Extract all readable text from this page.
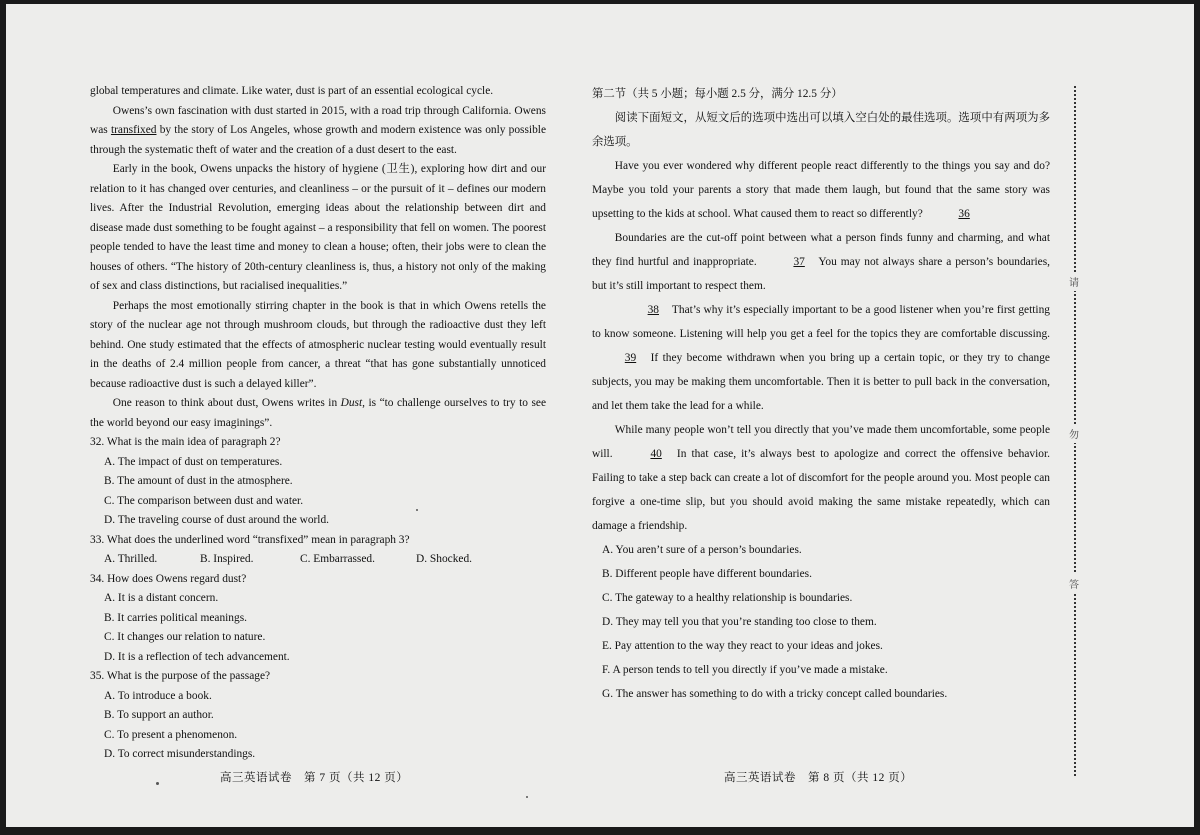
global temperatures and climate. Like water, dust is part of an essential ecological cycle.

Owens’s own fascination with dust started in 2015, with a road trip through California. Owens was transfixed by the story of Los Angeles, whose growth and modern existence was only possible through the systematic theft of water and the creation of a dust desert to the east.

Early in the book, Owens unpacks the history of hygiene (卫生), exploring how dirt and our relation to it has changed over centuries, and cleanliness – or the pursuit of it – defines our modern lives. After the Industrial Revolution, emerging ideas about the relationship between dirt and disease made dust something to be fought against – a responsibility that fell on women. The poorest people tended to have the least time and money to clean a house; often, their jobs were to clean the houses of others. “The history of 20th-century cleanliness is, thus, a history not only of the making of sex and class distinctions, but racialised inequalities.”

Perhaps the most emotionally stirring chapter in the book is that in which Owens retells the story of the nuclear age not through mushroom clouds, but through the radioactive dust they left behind. One study estimated that the effects of atmospheric nuclear testing would eventually result in the deaths of 2.4 million people from cancer, a threat “that has gone substantially unnoticed because radioactive dust is such a delayed killer”.

One reason to think about dust, Owens writes in Dust, is “to challenge ourselves to try to see the world beyond our easy imaginings”.

32. What is the main idea of paragraph 2?
A. The impact of dust on temperatures.
B. The amount of dust in the atmosphere.
C. The comparison between dust and water.
D. The traveling course of dust around the world.
33. What does the underlined word “transfixed” mean in paragraph 3?
A. Thrilled.	B. Inspired.	C. Embarrassed.	D. Shocked.
34. How does Owens regard dust?
A. It is a distant concern.
B. It carries political meanings.
C. It changes our relation to nature.
D. It is a reflection of tech advancement.
35. What is the purpose of the passage?
A. To introduce a book.
B. To support an author.
C. To present a phenomenon.
D. To correct misunderstandings.
高三英语试卷　第 7 页（共 12 页）

第二节（共 5 小题；每小题 2.5 分，满分 12.5 分）

阅读下面短文，从短文后的选项中选出可以填入空白处的最佳选项。选项中有两项为多余选项。

Have you ever wondered why different people react differently to the things you say and do? Maybe you told your parents a story that made them laugh, but found that the same story was upsetting to the kids at school. What caused them to react so differently?	36

Boundaries are the cut-off point between what a person finds funny and charming, and what they find hurtful and inappropriate.	37 You may not always share a person’s boundaries, but it’s still important to respect them.

38 That’s why it’s especially important to be a good listener when you’re first getting to know someone. Listening will help you get a feel for the topics they are comfortable discussing. 39 If they become withdrawn when you bring up a certain topic, or they try to change subjects, you may be making them uncomfortable. Then it is better to pull back in the conversation, and let them take the lead for a while.

While many people won’t tell you directly that you’ve made them uncomfortable, some people will.	40 In that case, it’s always best to apologize and correct the offensive behavior. Failing to take a step back can create a lot of discomfort for the people around you. Most people can forgive a one-time slip, but you should avoid making the same mistake repeatedly, which can damage a friendship.

A. You aren’t sure of a person’s boundaries.
B. Different people have different boundaries.
C. The gateway to a healthy relationship is boundaries.
D. They may tell you that you’re standing too close to them.
E. Pay attention to the way they react to your ideas and jokes.
F. A person tends to tell you directly if you’ve made a mistake.
G. The answer has something to do with a tricky concept called boundaries.
高三英语试卷　第 8 页（共 12 页）
请
勿
答
